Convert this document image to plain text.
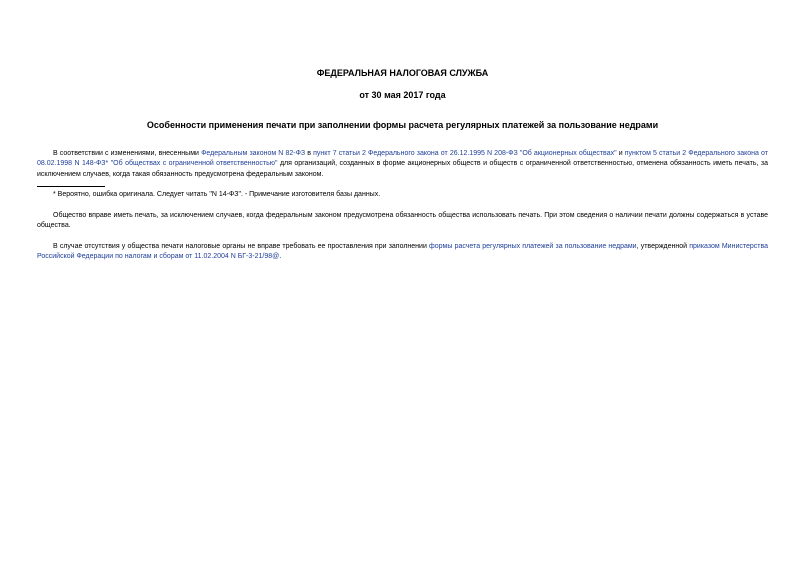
ФЕДЕРАЛЬНАЯ НАЛОГОВАЯ СЛУЖБА
от 30 мая 2017 года
Особенности применения печати при заполнении формы расчета регулярных платежей за пользование недрами

В соответствии с изменениями, внесенными Федеральным законом N 82-ФЗ в пункт 7 статьи 2 Федерального закона от 26.12.1995 N 208-ФЗ "Об акционерных обществах" и пунктом 5 статьи 2 Федерального закона от 08.02.1998 N 148-ФЗ* "Об обществах с ограниченной ответственностью" для организаций, созданных в форме акционерных обществ и обществ с ограниченной ответственностью, отменена обязанность иметь печать, за исключением случаев, когда такая обязанность предусмотрена федеральным законом.

* Вероятно, ошибка оригинала. Следует читать "N 14-ФЗ". - Примечание изготовителя базы данных.

Общество вправе иметь печать, за исключением случаев, когда федеральным законом предусмотрена обязанность общества использовать печать. При этом сведения о наличии печати должны содержаться в уставе общества.

В случае отсутствия у общества печати налоговые органы не вправе требовать ее проставления при заполнении формы расчета регулярных платежей за пользование недрами, утвержденной приказом Министерства Российской Федерации по налогам и сборам от 11.02.2004 N БГ-3-21/98@.
